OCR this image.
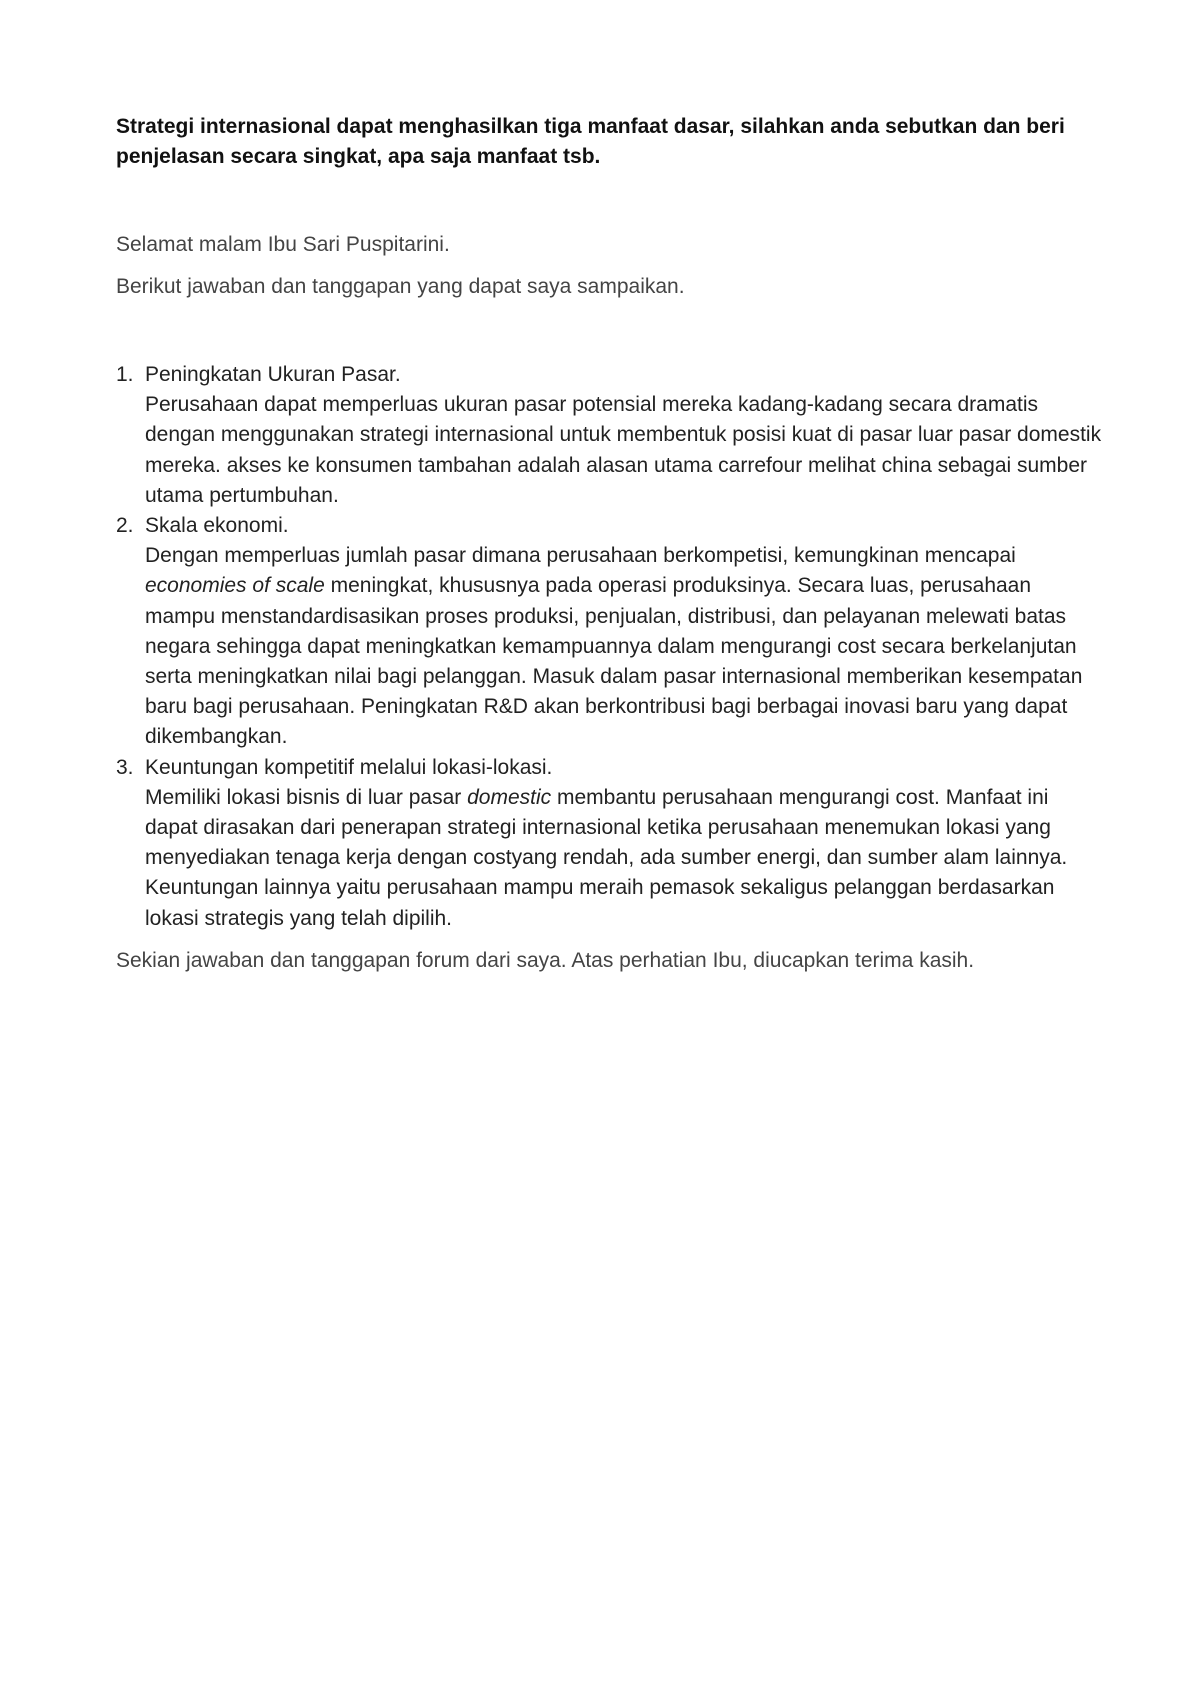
Strategi internasional dapat menghasilkan tiga manfaat dasar, silahkan anda sebutkan dan beri penjelasan secara singkat, apa saja manfaat tsb.

Selamat malam Ibu Sari Puspitarini.

Berikut jawaban dan tanggapan yang dapat saya sampaikan.

1. Peningkatan Ukuran Pasar.
Perusahaan dapat memperluas ukuran pasar potensial mereka kadang-kadang secara dramatis dengan menggunakan strategi internasional untuk membentuk posisi kuat di pasar luar pasar domestik mereka. akses ke konsumen tambahan adalah alasan utama carrefour melihat china sebagai sumber utama pertumbuhan.
2. Skala ekonomi.
Dengan memperluas jumlah pasar dimana perusahaan berkompetisi, kemungkinan mencapai economies of scale meningkat, khususnya pada operasi produksinya. Secara luas, perusahaan mampu menstandardisasikan proses produksi, penjualan, distribusi, dan pelayanan melewati batas negara sehingga dapat meningkatkan kemampuannya dalam mengurangi cost secara berkelanjutan serta meningkatkan nilai bagi pelanggan. Masuk dalam pasar internasional memberikan kesempatan baru bagi perusahaan. Peningkatan R&D akan berkontribusi bagi berbagai inovasi baru yang dapat dikembangkan.
3. Keuntungan kompetitif melalui lokasi-lokasi.
Memiliki lokasi bisnis di luar pasar domestic membantu perusahaan mengurangi cost. Manfaat ini dapat dirasakan dari penerapan strategi internasional ketika perusahaan menemukan lokasi yang menyediakan tenaga kerja dengan costyang rendah, ada sumber energi, dan sumber alam lainnya. Keuntungan lainnya yaitu perusahaan mampu meraih pemasok sekaligus pelanggan berdasarkan lokasi strategis yang telah dipilih.

Sekian jawaban dan tanggapan forum dari saya. Atas perhatian Ibu, diucapkan terima kasih.
